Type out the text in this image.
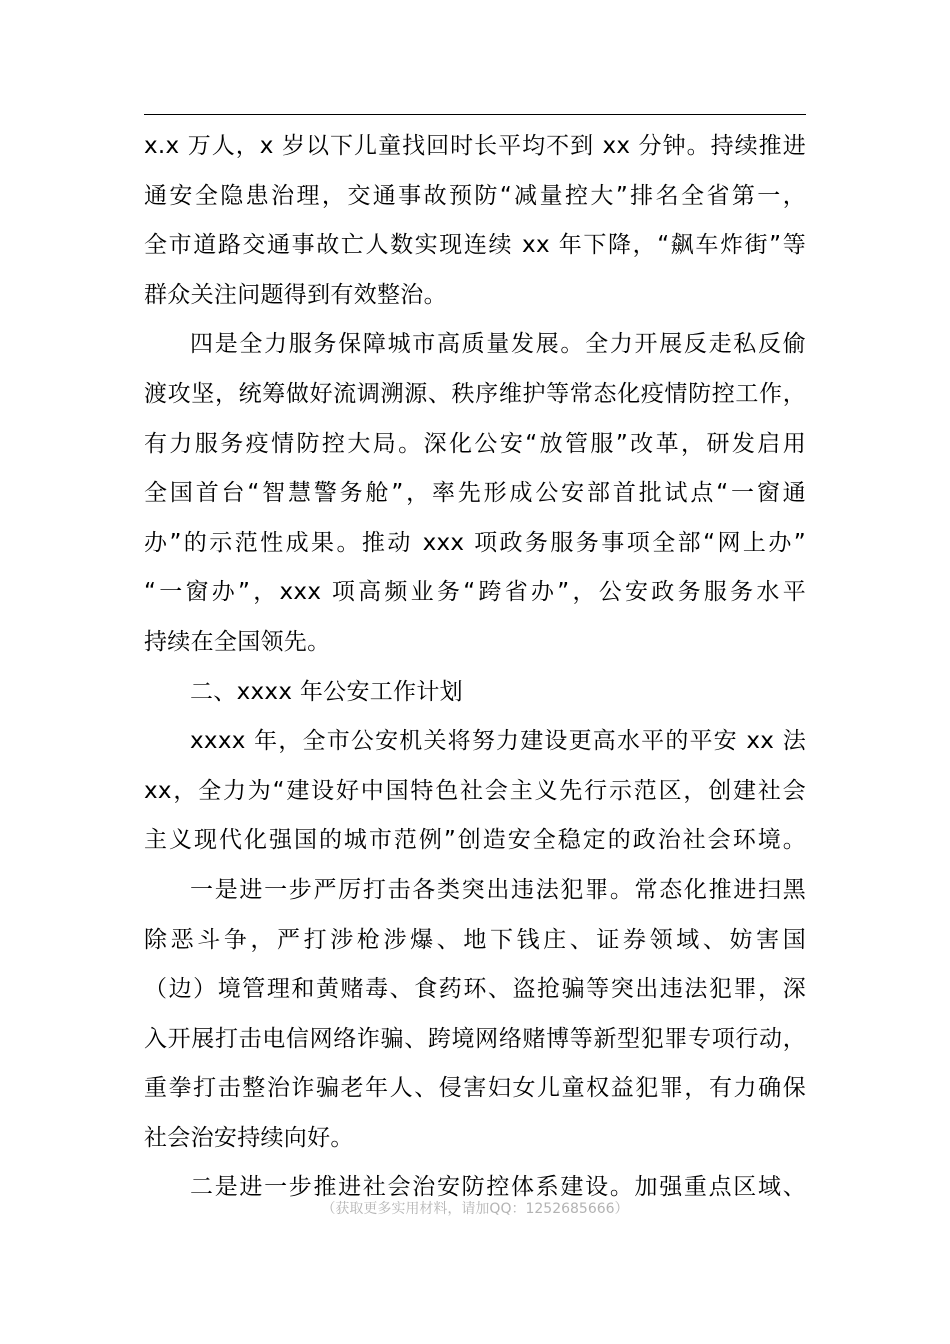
x.x 万人，x 岁以下儿童找回时长平均不到 xx 分钟。持续推进
通安全隐患治理，交通事故预防“减量控大”排名全省第一，
全市道路交通事故亡人数实现连续 xx 年下降，“飙车炸街”等
群众关注问题得到有效整治。
四是全力服务保障城市高质量发展。全力开展反走私反偷
渡攻坚，统筹做好流调溯源、秩序维护等常态化疫情防控工作，
有力服务疫情防控大局。深化公安“放管服”改革，研发启用
全国首台“智慧警务舱”，率先形成公安部首批试点“一窗通
办”的示范性成果。推动 xxx 项政务服务事项全部“网上办”
“一窗办”，xxx 项高频业务“跨省办”，公安政务服务水平
持续在全国领先。
二、xxxx 年公安工作计划
xxxx 年，全市公安机关将努力建设更高水平的平安 xx 法
xx，全力为“建设好中国特色社会主义先行示范区，创建社会
主义现代化强国的城市范例”创造安全稳定的政治社会环境。
一是进一步严厉打击各类突出违法犯罪。常态化推进扫黑
除恶斗争，严打涉枪涉爆、地下钱庄、证券领域、妨害国
（边）境管理和黄赌毒、食药环、盗抢骗等突出违法犯罪，深
入开展打击电信网络诈骗、跨境网络赌博等新型犯罪专项行动，
重拳打击整治诈骗老年人、侵害妇女儿童权益犯罪，有力确保
社会治安持续向好。
二是进一步推进社会治安防控体系建设。加强重点区域、
（获取更多实用材料，请加QQ：1252685666）
